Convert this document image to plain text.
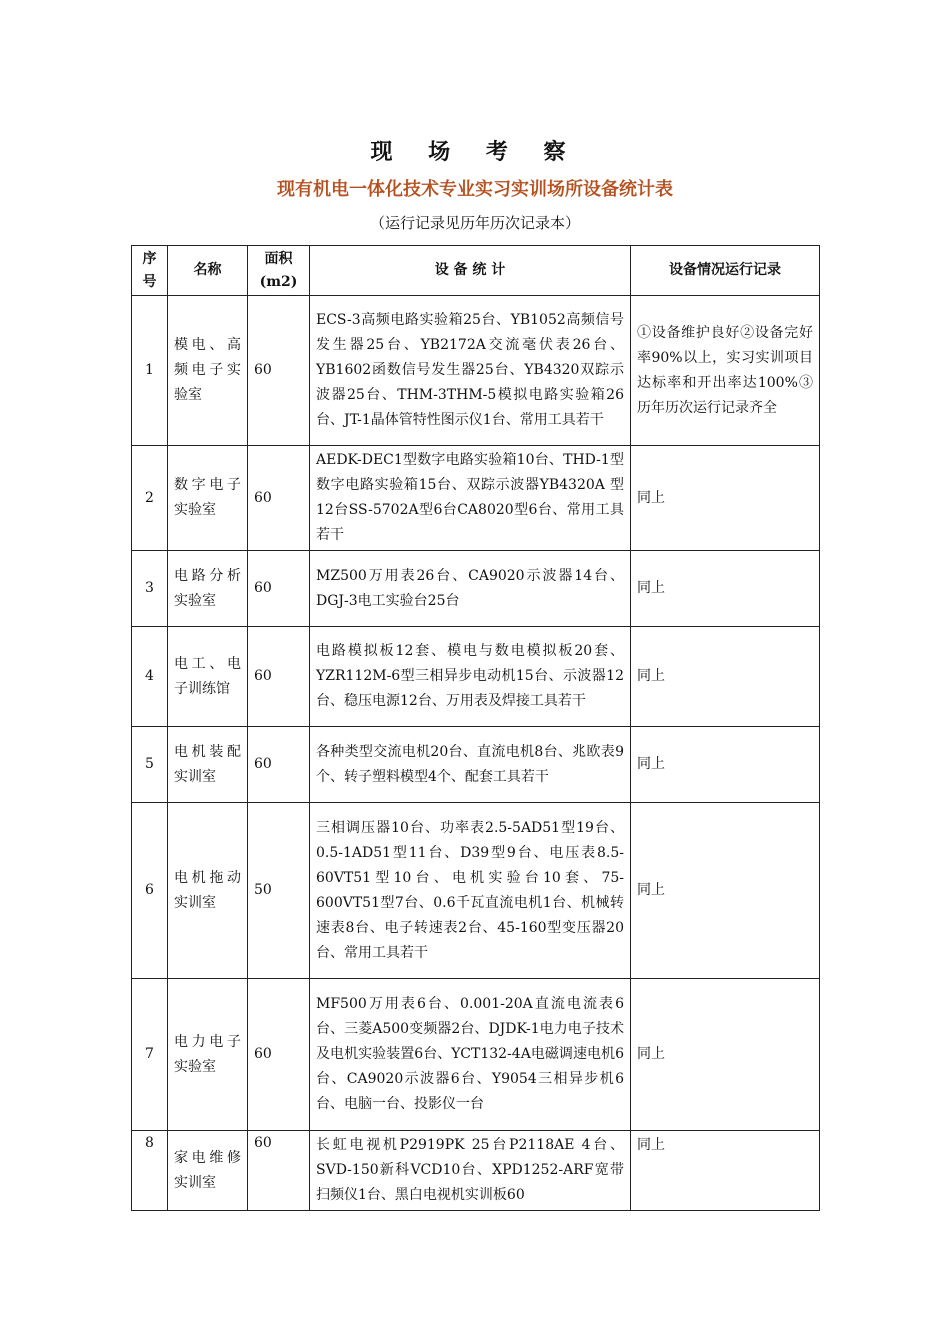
现 场 考 察
现有机电一体化技术专业实习实训场所设备统计表
（运行记录见历年历次记录本）
序号	名称	面积(m2)	设 备 统 计	设备情况运行记录
1	模电、高频电子实验室	60	ECS-3高频电路实验箱25台、YB1052高频信号发生器25台、YB2172A交流毫伏表26台、YB1602函数信号发生器25台、YB4320双踪示波器25台、THM-3THM-5模拟电路实验箱26台、JT-1晶体管特性图示仪1台、常用工具若干	①设备维护良好②设备完好率90%以上，实习实训项目达标率和开出率达100%③历年历次运行记录齐全
2	数字电子实验室	60	AEDK-DEC1型数字电路实验箱10台、THD-1型数字电路实验箱15台、双踪示波器YB4320A 型12台SS-5702A型6台CA8020型6台、常用工具若干	同上
3	电路分析实验室	60	MZ500万用表26台、CA9020示波器14台、DGJ-3电工实验台25台	同上
4	电工、电子训练馆	60	电路模拟板12套、模电与数电模拟板20套、YZR112M-6型三相异步电动机15台、示波器12台、稳压电源12台、万用表及焊接工具若干	同上
5	电机装配实训室	60	各种类型交流电机20台、直流电机8台、兆欧表9个、转子塑料模型4个、配套工具若干	同上
6	电机拖动实训室	50	三相调压器10台、功率表2.5-5AD51型19台、0.5-1AD51型11台、D39型9台、电压表8.5-60VT51型10台、电机实验台10套、75-600VT51型7台、0.6千瓦直流电机1台、机械转速表8台、电子转速表2台、45-160型变压器20台、常用工具若干	同上
7	电力电子实验室	60	MF500万用表6台、0.001-20A直流电流表6台、三菱A500变频器2台、DJDK-1电力电子技术及电机实验装置6台、YCT132-4A电磁调速电机6台、CA9020示波器6台、Y9054三相异步机6台、电脑一台、投影仪一台	同上
8	家电维修实训室	60	长虹电视机P2919PK 25台P2118AE 4台、SVD-150新科VCD10台、XPD1252-ARF宽带扫频仪1台、黑白电视机实训板60	同上
